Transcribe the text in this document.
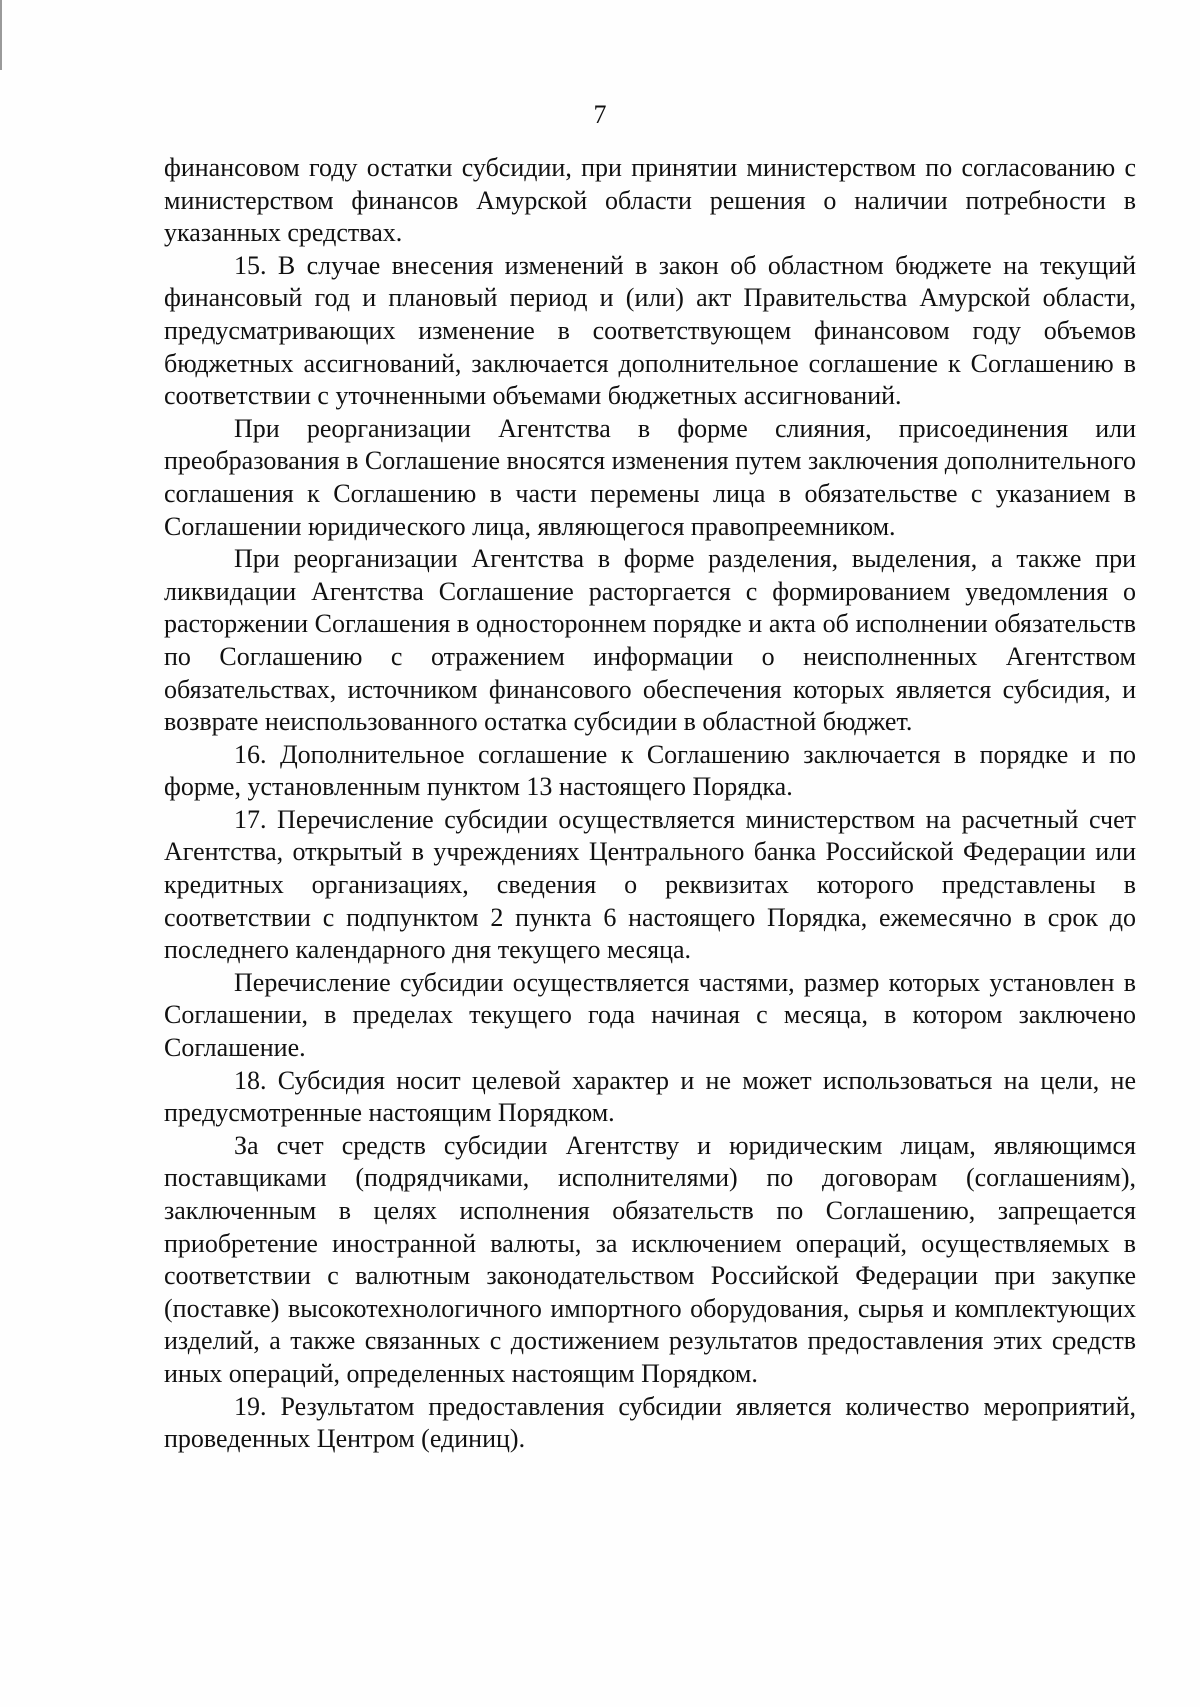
7

финансовом году остатки субсидии, при принятии министерством по согласованию с министерством финансов Амурской области решения о наличии потребности в указанных средствах.

15. В случае внесения изменений в закон об областном бюджете на текущий финансовый год и плановый период и (или) акт Правительства Амурской области, предусматривающих изменение в соответствующем финансовом году объемов бюджетных ассигнований, заключается дополнительное соглашение к Соглашению в соответствии с уточненными объемами бюджетных ассигнований.

При реорганизации Агентства в форме слияния, присоединения или преобразования в Соглашение вносятся изменения путем заключения дополнительного соглашения к Соглашению в части перемены лица в обязательстве с указанием в Соглашении юридического лица, являющегося правопреемником.

При реорганизации Агентства в форме разделения, выделения, а также при ликвидации Агентства Соглашение расторгается с формированием уведомления о расторжении Соглашения в одностороннем порядке и акта об исполнении обязательств по Соглашению с отражением информации о неисполненных Агентством обязательствах, источником финансового обеспечения которых является субсидия, и возврате неиспользованного остатка субсидии в областной бюджет.

16. Дополнительное соглашение к Соглашению заключается в порядке и по форме, установленным пунктом 13 настоящего Порядка.

17. Перечисление субсидии осуществляется министерством на расчетный счет Агентства, открытый в учреждениях Центрального банка Российской Федерации или кредитных организациях, сведения о реквизитах которого представлены в соответствии с подпунктом 2 пункта 6 настоящего Порядка, ежемесячно в срок до последнего календарного дня текущего месяца.

Перечисление субсидии осуществляется частями, размер которых установлен в Соглашении, в пределах текущего года начиная с месяца, в котором заключено Соглашение.

18. Субсидия носит целевой характер и не может использоваться на цели, не предусмотренные настоящим Порядком.

За счет средств субсидии Агентству и юридическим лицам, являющимся поставщиками (подрядчиками, исполнителями) по договорам (соглашениям), заключенным в целях исполнения обязательств по Соглашению, запрещается приобретение иностранной валюты, за исключением операций, осуществляемых в соответствии с валютным законодательством Российской Федерации при закупке (поставке) высокотехнологичного импортного оборудования, сырья и комплектующих изделий, а также связанных с достижением результатов предоставления этих средств иных операций, определенных настоящим Порядком.

19. Результатом предоставления субсидии является количество мероприятий, проведенных Центром (единиц).
